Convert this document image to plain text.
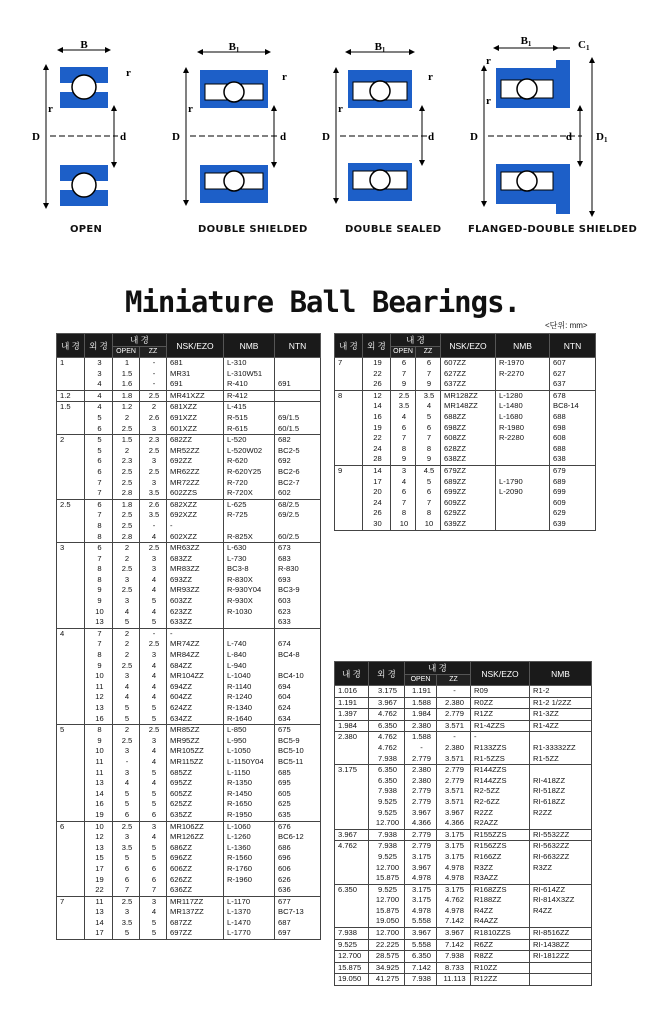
B
D	d
r
r
B1
D	d
r
r
B1
D	d
r
r
B1	C1
D	d D1
r
r
OPEN	DOUBLE SHIELDED	DOUBLE SEALED	FLANGED-DOUBLE SHIELDED
Miniature Ball Bearings.
<단위: mm>
내 경	외 경	내 경		NSK/EZO	NMB	NTN
		OPEN	ZZ			
1	3	1	-	681	L-310	
	3	1.5	-	MR31	L-310W51	
	4	1.6	-	691	R-410	691
1.2	4	1.8	2.5	MR41XZZ	R-412	
1.5	4	1.2	2	681XZZ	L-415	
	5	2	2.6	691XZZ	R-515	69/1.5
	6	2.5	3	601XZZ	R-615	60/1.5
2	5	1.5	2.3	682ZZ	L-520	682
	5	2	2.5	MR52ZZ	L-520W02	BC2-5
	6	2.3	3	692ZZ	R-620	692
	6	2.5	2.5	MR62ZZ	R-620Y25	BC2-6
	7	2.5	3	MR72ZZ	R-720	BC2-7
	7	2.8	3.5	602ZZS	R-720X	602
2.5	6	1.8	2.6	682XZZ	L-625	68/2.5
	7	2.5	3.5	692XZZ	R-725	69/2.5
	8	2.5	-	-		
	8	2.8	4	602XZZ	R-825X	60/2.5
3	6	2	2.5	MR63ZZ	L-630	673
	7	2	3	683ZZ	L-730	683
	8	2.5	3	MR83ZZ	BC3-8	R-830
	8	3	4	693ZZ	R-830X	693
	9	2.5	4	MR93ZZ	R-930Y04	BC3-9
	9	3	5	603ZZ	R-930X	603
	10	4	4	623ZZ	R-1030	623
	13	5	5	633ZZ		633
4	7	2	-	-		
	7	2	2.5	MR74ZZ	L-740	674
	8	2	3	MR84ZZ	L-840	BC4-8
	9	2.5	4	684ZZ	L-940	
	10	3	4	MR104ZZ	L-1040	BC4-10
	11	4	4	694ZZ	R-1140	694
	12	4	4	604ZZ	R-1240	604
	13	5	5	624ZZ	R-1340	624
	16	5	5	634ZZ	R-1640	634
5	8	2	2.5	MR85ZZ	L-850	675
	9	2.5	3	MR95ZZ	L-950	BC5-9
	10	3	4	MR105ZZ	L-1050	BC5-10
	11	-	4	MR115ZZ	L-1150Y04	BC5-11
	11	3	5	685ZZ	L-1150	685
	13	4	4	695ZZ	R-1350	695
	14	5	5	605ZZ	R-1450	605
	16	5	5	625ZZ	R-1650	625
	19	6	6	635ZZ	R-1950	635
6	10	2.5	3	MR106ZZ	L-1060	676
	12	3	4	MR126ZZ	L-1260	BC6-12
	13	3.5	5	686ZZ	L-1360	686
	15	5	5	696ZZ	R-1560	696
	17	6	6	606ZZ	R-1760	606
	19	6	6	626ZZ	R-1960	626
	22	7	7	636ZZ		636
7	11	2.5	3	MR117ZZ	L-1170	677
	13	3	4	MR137ZZ	L-1370	BC7-13
	14	3.5	5	687ZZ	L-1470	687
	17	5	5	697ZZ	L-1770	697
내 경	외 경	내 경		NSK/EZO	NMB	NTN
		OPEN	ZZ			
7	19	6	6	607ZZ	R-1970	607
	22	7	7	627ZZ	R-2270	627
	26	9	9	637ZZ		637
8	12	2.5	3.5	MR128ZZ	L-1280	678
	14	3.5	4	MR148ZZ	L-1480	BC8-14
	16	4	5	688ZZ	L-1680	688
	19	6	6	698ZZ	R-1980	698
	22	7	7	608ZZ	R-2280	608
	24	8	8	628ZZ		688
	28	9	9	638ZZ		638
9	14	3	4.5	679ZZ		679
	17	4	5	689ZZ	L-1790	689
	20	6	6	699ZZ	L-2090	699
	24	7	7	609ZZ		609
	26	8	8	629ZZ		629
	30	10	10	639ZZ		639
내 경	외 경	내 경		NSK/EZO	NMB
		OPEN	ZZ		
1.016	3.175	1.191	-	R09	R1-2
1.191	3.967	1.588	2.380	R0ZZ	R1-2 1/2ZZ
1.397	4.762	1.984	2.779	R1ZZ	R1-3ZZ
1.984	6.350	2.380	3.571	R1-4ZZS	R1-4ZZ
2.380	4.762	1.588	-	-	
	4.762	-	2.380	R133ZZS	R1-33332ZZ
	7.938	2.779	3.571	R1-5ZZS	R1-5ZZ
3.175	6.350	2.380	2.779	R144ZZS	
	6.350	2.380	2.779	R144ZZS	RI-418ZZ
	7.938	2.779	3.571	R2-5ZZ	RI-518ZZ
	9.525	2.779	3.571	R2-6ZZ	RI-618ZZ
	9.525	3.967	3.967	R2ZZ	R2ZZ
	12.700	4.366	4.366	R2AZZ	
3.967	7.938	2.779	3.175	R155ZZS	RI-5532ZZ
4.762	7.938	2.779	3.175	R156ZZS	RI-5632ZZ
	9.525	3.175	3.175	R166ZZ	RI-6632ZZ
	12.700	3.967	4.978	R3ZZ	R3ZZ
	15.875	4.978	4.978	R3AZZ	
6.350	9.525	3.175	3.175	R168ZZS	RI-614ZZ
	12.700	3.175	4.762	R188ZZ	RI-814X3ZZ
	15.875	4.978	4.978	R4ZZ	R4ZZ
	19.050	5.558	7.142	R4AZZ	
7.938	12.700	3.967	3.967	R1810ZZS	RI-8516ZZ
9.525	22.225	5.558	7.142	R6ZZ	RI-1438ZZ
12.700	28.575	6.350	7.938	R8ZZ	RI-1812ZZ
15.875	34.925	7.142	8.733	R10ZZ	
19.050	41.275	7.938	11.113	R12ZZ	
